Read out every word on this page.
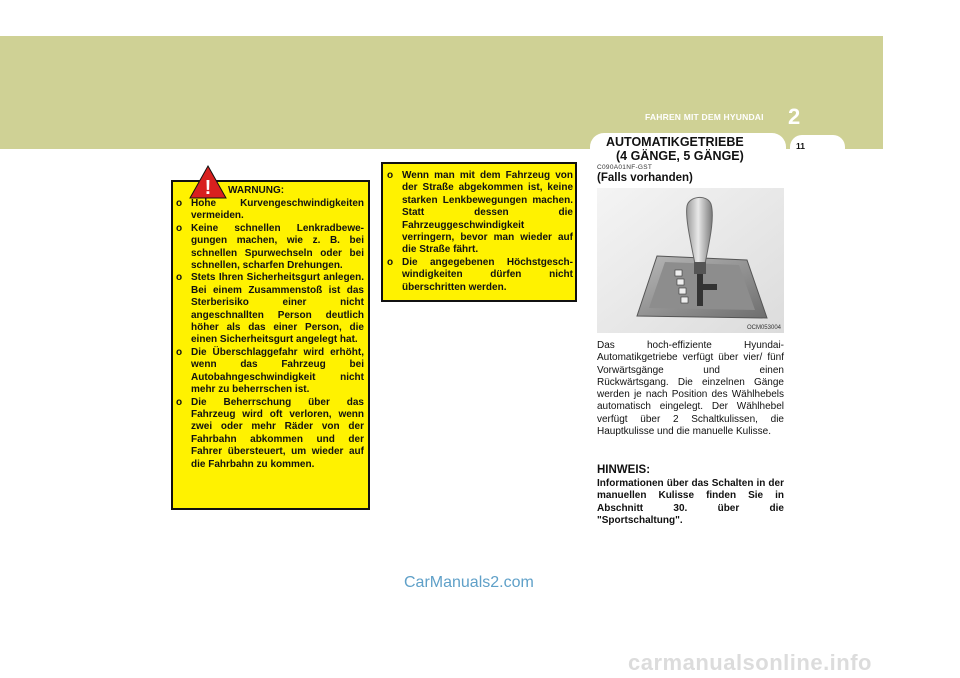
FAHREN MIT DEM HYUNDAI 2
11
AUTOMATIKGETRIEBE
(4 GÄNGE, 5 GÄNGE)
! WARNUNG:
o Hohe Kurvengeschwindigkeiten vermeiden.
o Keine schnellen Lenkradbewe-gungen machen, wie z. B. bei schnellen Spurwechseln oder bei schnellen, scharfen Drehungen.
o Stets Ihren Sicherheitsgurt anlegen. Bei einem Zusammenstoß ist das Sterberisiko einer nicht angeschnallten Person deutlich höher als das einer Person, die einen Sicherheitsgurt angelegt hat.
o Die Überschlaggefahr wird erhöht, wenn das Fahrzeug bei Autobahngeschwindigkeit nicht mehr zu beherrschen ist.
o Die Beherrschung über das Fahrzeug wird oft verloren, wenn zwei oder mehr Räder von der Fahrbahn abkommen und der Fahrer übersteuert, um wieder auf die Fahrbahn zu kommen.
o Wenn man mit dem Fahrzeug von der Straße abgekommen ist, keine starken Lenkbewegungen machen. Statt dessen die Fahrzeuggeschwindigkeit verringern, bevor man wieder auf die Straße fährt.
o Die angegebenen Höchstgesch-windigkeiten dürfen nicht überschritten werden.
C090A01NF-GST
(Falls vorhanden)
OCM053004
Das hoch-effiziente Hyundai-Automatikgetriebe verfügt über vier/ fünf Vorwärtsgänge und einen Rückwärtsgang. Die einzelnen Gänge werden je nach Position des Wählhebels automatisch eingelegt. Der Wählhebel verfügt über 2 Schaltkulissen, die Hauptkulisse und die manuelle Kulisse.
HINWEIS:
Informationen über das Schalten in der manuellen Kulisse finden Sie in Abschnitt 30. über die "Sportschaltung".
CarManuals2.com
carmanualsonline.info
